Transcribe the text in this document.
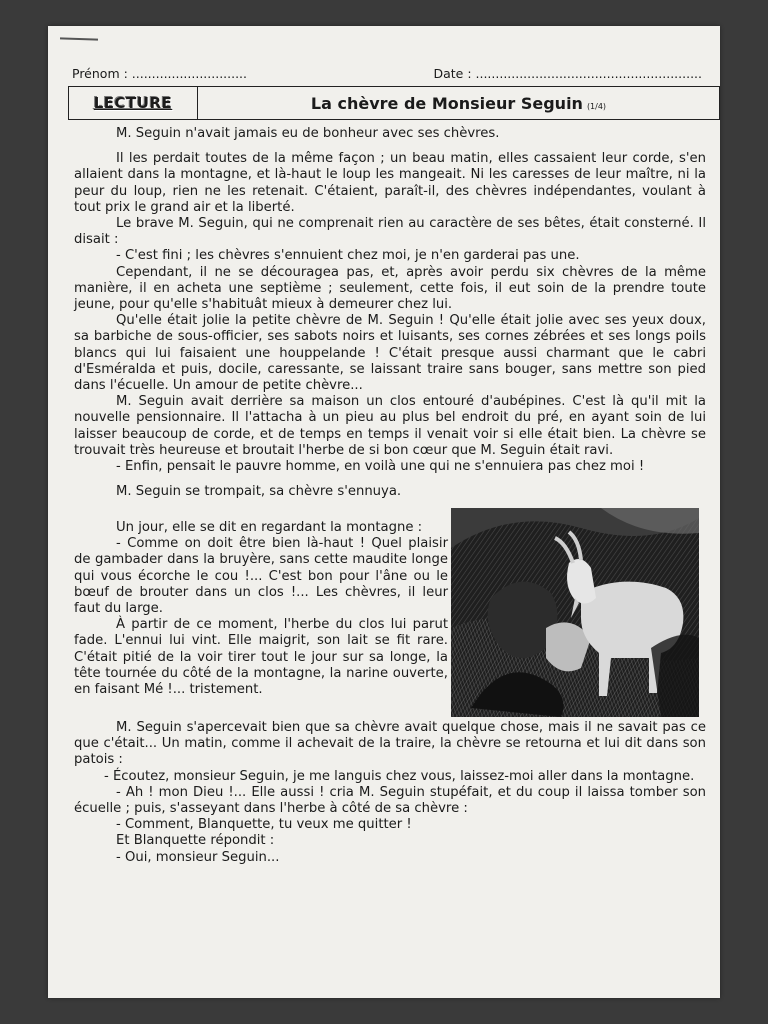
Prénom : .............................	Date : .........................................................
LECTURE	La chèvre de Monsieur Seguin (1/4)

M. Seguin n'avait jamais eu de bonheur avec ses chèvres.

Il les perdait toutes de la même façon ; un beau matin, elles cassaient leur corde, s'en allaient dans la montagne, et là-haut le loup les mangeait. Ni les caresses de leur maître, ni la peur du loup, rien ne les retenait. C'étaient, paraît-il, des chèvres indépendantes, voulant à tout prix le grand air et la liberté.

Le brave M. Seguin, qui ne comprenait rien au caractère de ses bêtes, était consterné. Il disait :

- C'est fini ; les chèvres s'ennuient chez moi, je n'en garderai pas une.

Cependant, il ne se découragea pas, et, après avoir perdu six chèvres de la même manière, il en acheta une septième ; seulement, cette fois, il eut soin de la prendre toute jeune, pour qu'elle s'habituât mieux à demeurer chez lui.

Qu'elle était jolie la petite chèvre de M. Seguin ! Qu'elle était jolie avec ses yeux doux, sa barbiche de sous-officier, ses sabots noirs et luisants, ses cornes zébrées et ses longs poils blancs qui lui faisaient une houppelande ! C'était presque aussi charmant que le cabri d'Esméralda et puis, docile, caressante, se laissant traire sans bouger, sans mettre son pied dans l'écuelle. Un amour de petite chèvre...

M. Seguin avait derrière sa maison un clos entouré d'aubépines. C'est là qu'il mit la nouvelle pensionnaire. Il l'attacha à un pieu au plus bel endroit du pré, en ayant soin de lui laisser beaucoup de corde, et de temps en temps il venait voir si elle était bien. La chèvre se trouvait très heureuse et broutait l'herbe de si bon cœur que M. Seguin était ravi.

- Enfin, pensait le pauvre homme, en voilà une qui ne s'ennuiera pas chez moi !

M. Seguin se trompait, sa chèvre s'ennuya.

Un jour, elle se dit en regardant la montagne :

- Comme on doit être bien là-haut ! Quel plaisir de gambader dans la bruyère, sans cette maudite longe qui vous écorche le cou !... C'est bon pour l'âne ou le bœuf de brouter dans un clos !... Les chèvres, il leur faut du large.

À partir de ce moment, l'herbe du clos lui parut fade. L'ennui lui vint. Elle maigrit, son lait se fit rare. C'était pitié de la voir tirer tout le jour sur sa longe, la tête tournée du côté de la montagne, la narine ouverte, en faisant Mé !... tristement.

M. Seguin s'apercevait bien que sa chèvre avait quelque chose, mais il ne savait pas ce que c'était... Un matin, comme il achevait de la traire, la chèvre se retourna et lui dit dans son patois :

- Écoutez, monsieur Seguin, je me languis chez vous, laissez-moi aller dans la montagne.

- Ah ! mon Dieu !... Elle aussi ! cria M. Seguin stupéfait, et du coup il laissa tomber son écuelle ; puis, s'asseyant dans l'herbe à côté de sa chèvre :

- Comment, Blanquette, tu veux me quitter !

Et Blanquette répondit :

- Oui, monsieur Seguin...
